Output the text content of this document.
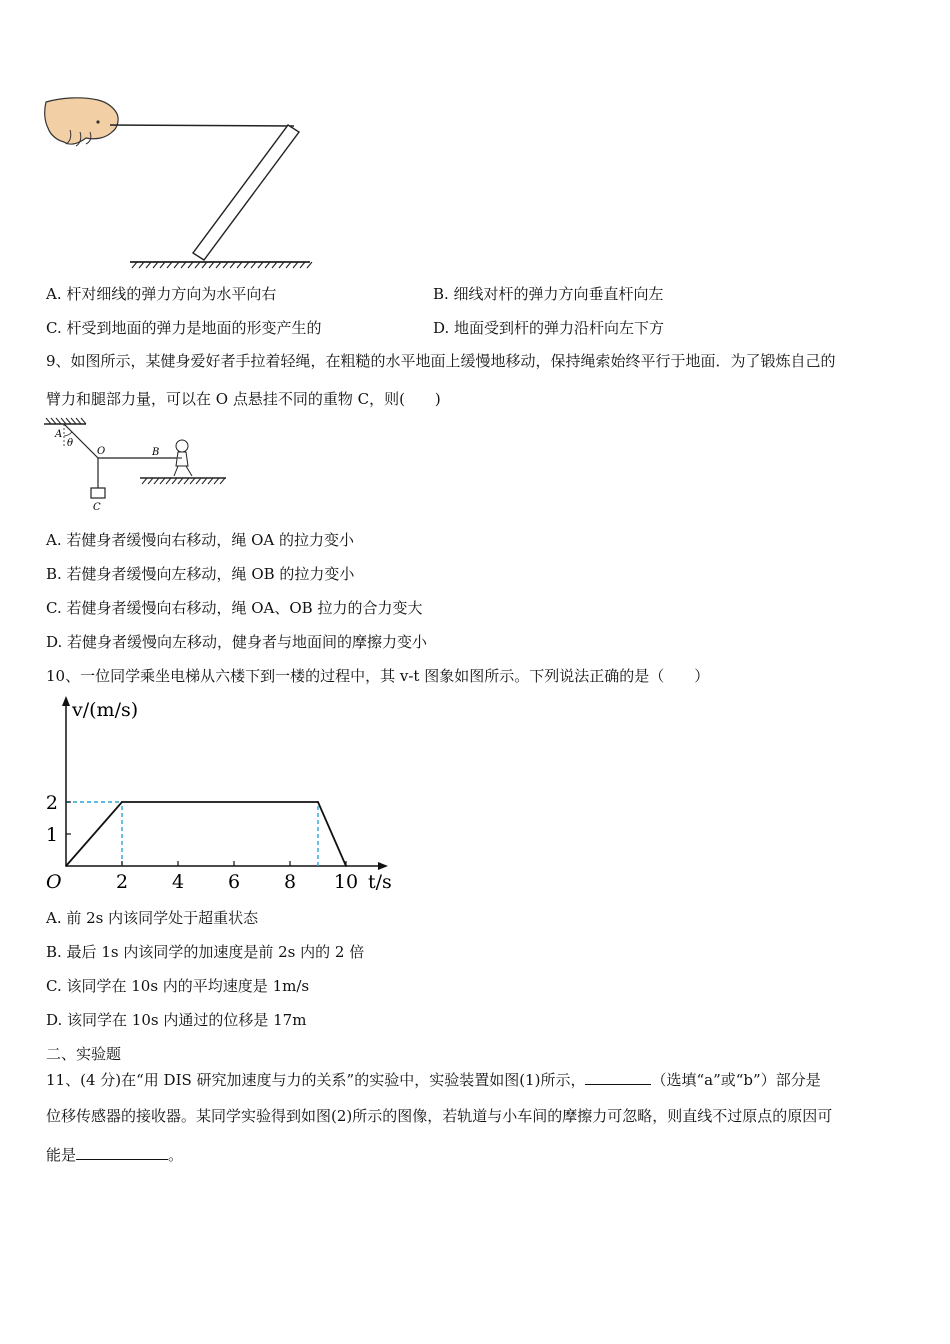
A. 杆对细线的弹力方向为水平向右	B. 细线对杆的弹力方向垂直杆向左
C. 杆受到地面的弹力是地面的形变产生的	D. 地面受到杆的弹力沿杆向左下方
9、如图所示，某健身爱好者手拉着轻绳，在粗糙的水平地面上缓慢地移动，保持绳索始终平行于地面．为了锻炼自己的
臂力和腿部力量，可以在 O 点悬挂不同的重物 C，则(　　)
A
θ
O	B
C
A. 若健身者缓慢向右移动，绳 OA 的拉力变小
B. 若健身者缓慢向左移动，绳 OB 的拉力变小
C. 若健身者缓慢向右移动，绳 OA、OB 拉力的合力变大
D. 若健身者缓慢向左移动，健身者与地面间的摩擦力变小
10、一位同学乘坐电梯从六楼下到一楼的过程中，其 v-t 图象如图所示。下列说法正确的是（　　）
v/(m/s)
t/s
O	2 4 6 8 10
1
2
A. 前 2s 内该同学处于超重状态
B. 最后 1s 内该同学的加速度是前 2s 内的 2 倍
C. 该同学在 10s 内的平均速度是 1m/s
D. 该同学在 10s 内通过的位移是 17m
二、实验题
11、(4 分)在“用 DIS 研究加速度与力的关系”的实验中，实验装置如图(1)所示，	（选填“a”或“b”）部分是
位移传感器的接收器。某同学实验得到如图(2)所示的图像，若轨道与小车间的摩擦力可忽略，则直线不过原点的原因可
能是	。
